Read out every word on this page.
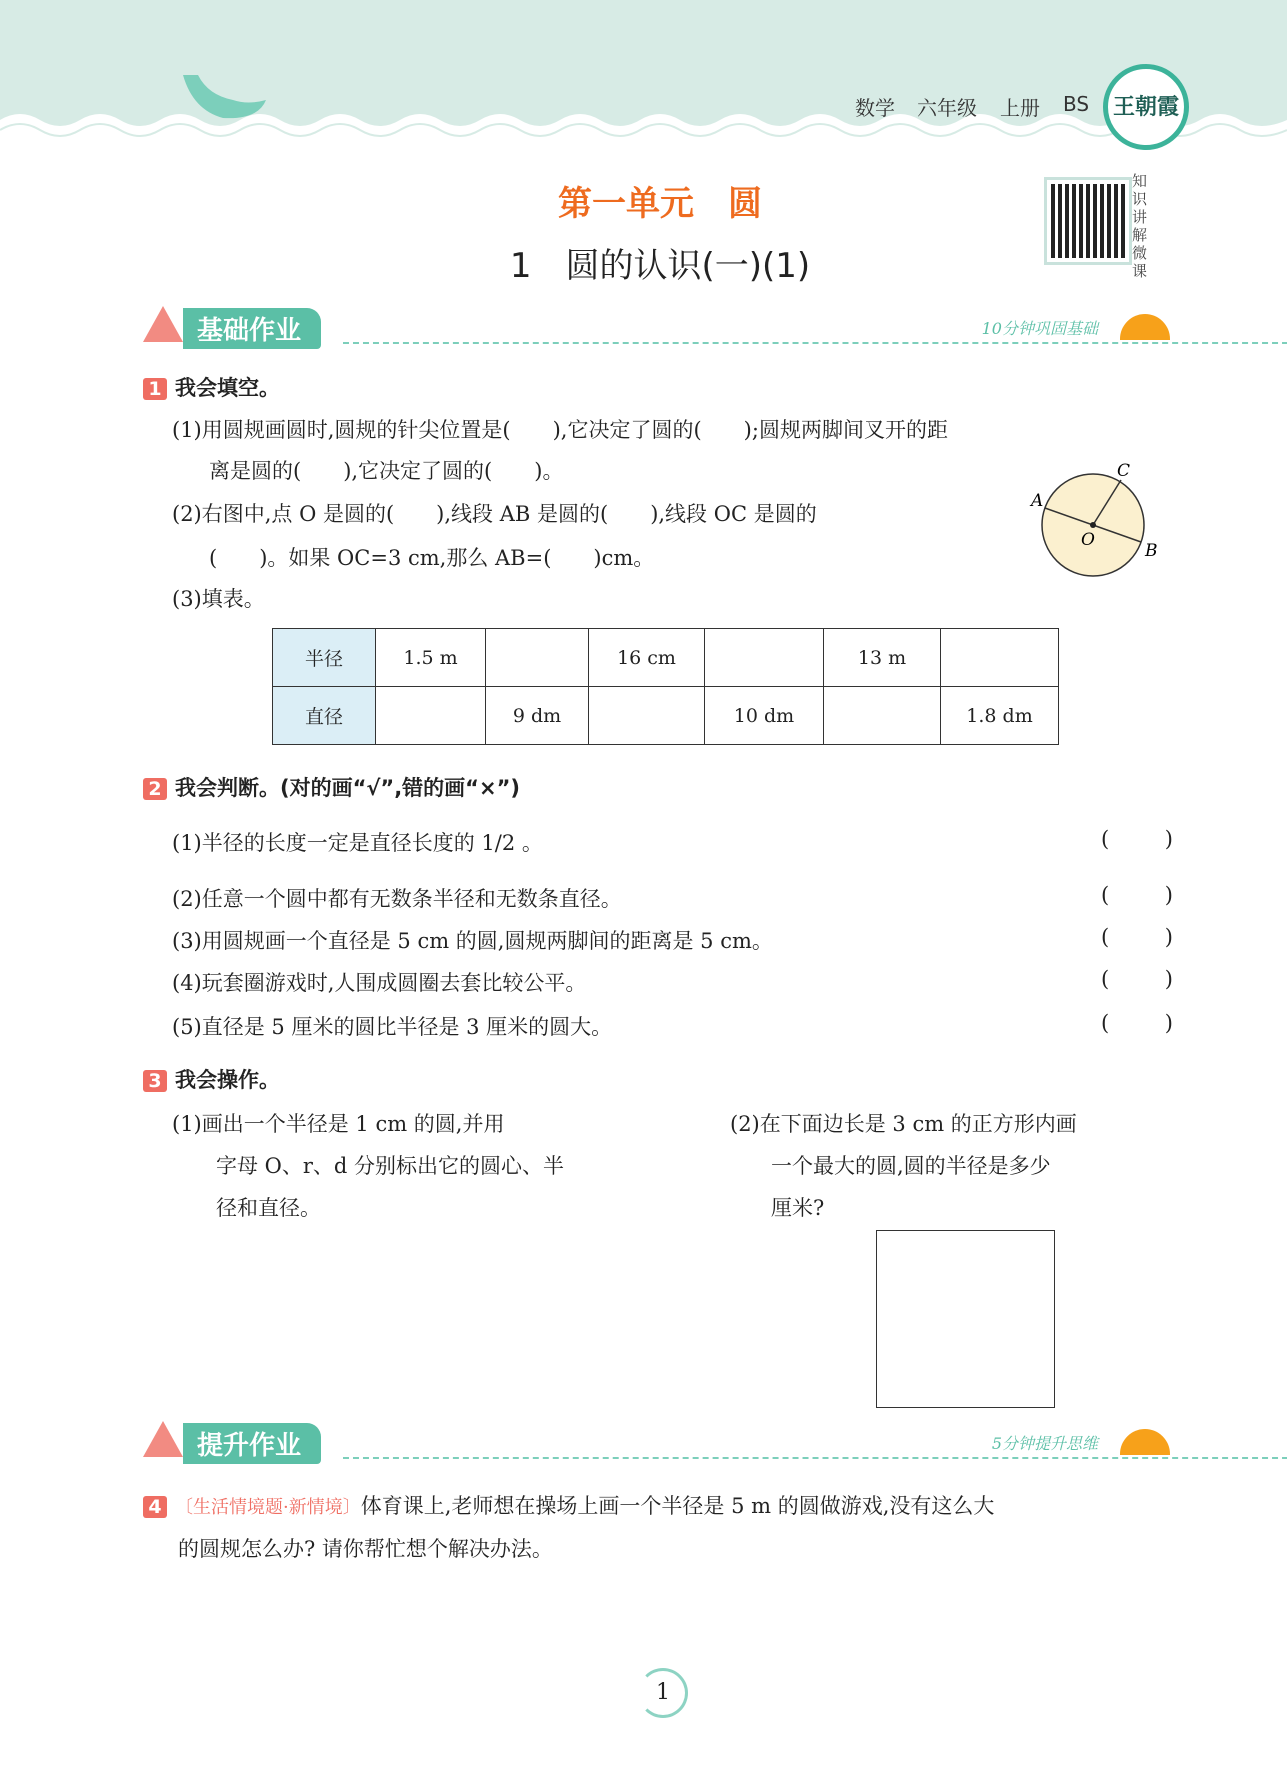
数学 六年级 上册 BS	王朝霞
第一单元　圆
1　圆的认识(一)(1)
知识讲解微课
基础作业	10分钟巩固基础
1 我会填空。
(1)用圆规画圆时,圆规的针尖位置是(　　),它决定了圆的(　　);圆规两脚间叉开的距
离是圆的(　　),它决定了圆的(　　)。
(2)右图中,点 O 是圆的(　　),线段 AB 是圆的(　　),线段 OC 是圆的
(　　)。如果 OC=3 cm,那么 AB=(　　)cm。
(3)填表。
A
B
C
O
半径	1.5 m		16 cm		13 m	
直径		9 dm		10 dm		1.8 dm
2 我会判断。(对的画“√”,错的画“×”)
(1)半径的长度一定是直径长度的 1/2 。
(2)任意一个圆中都有无数条半径和无数条直径。
(3)用圆规画一个直径是 5 cm 的圆,圆规两脚间的距离是 5 cm。
(4)玩套圈游戏时,人围成圆圈去套比较公平。
(5)直径是 5 厘米的圆比半径是 3 厘米的圆大。
(	)
(	)
(	)
(	)
(	)
3 我会操作。
(1)画出一个半径是 1 cm 的圆,并用
字母 O、r、d 分别标出它的圆心、半
径和直径。
(2)在下面边长是 3 cm 的正方形内画
一个最大的圆,圆的半径是多少
厘米?
提升作业	5分钟提升思维
4 〔生活情境题·新情境〕体育课上,老师想在操场上画一个半径是 5 m 的圆做游戏,没有这么大
的圆规怎么办? 请你帮忙想个解决办法。
1
